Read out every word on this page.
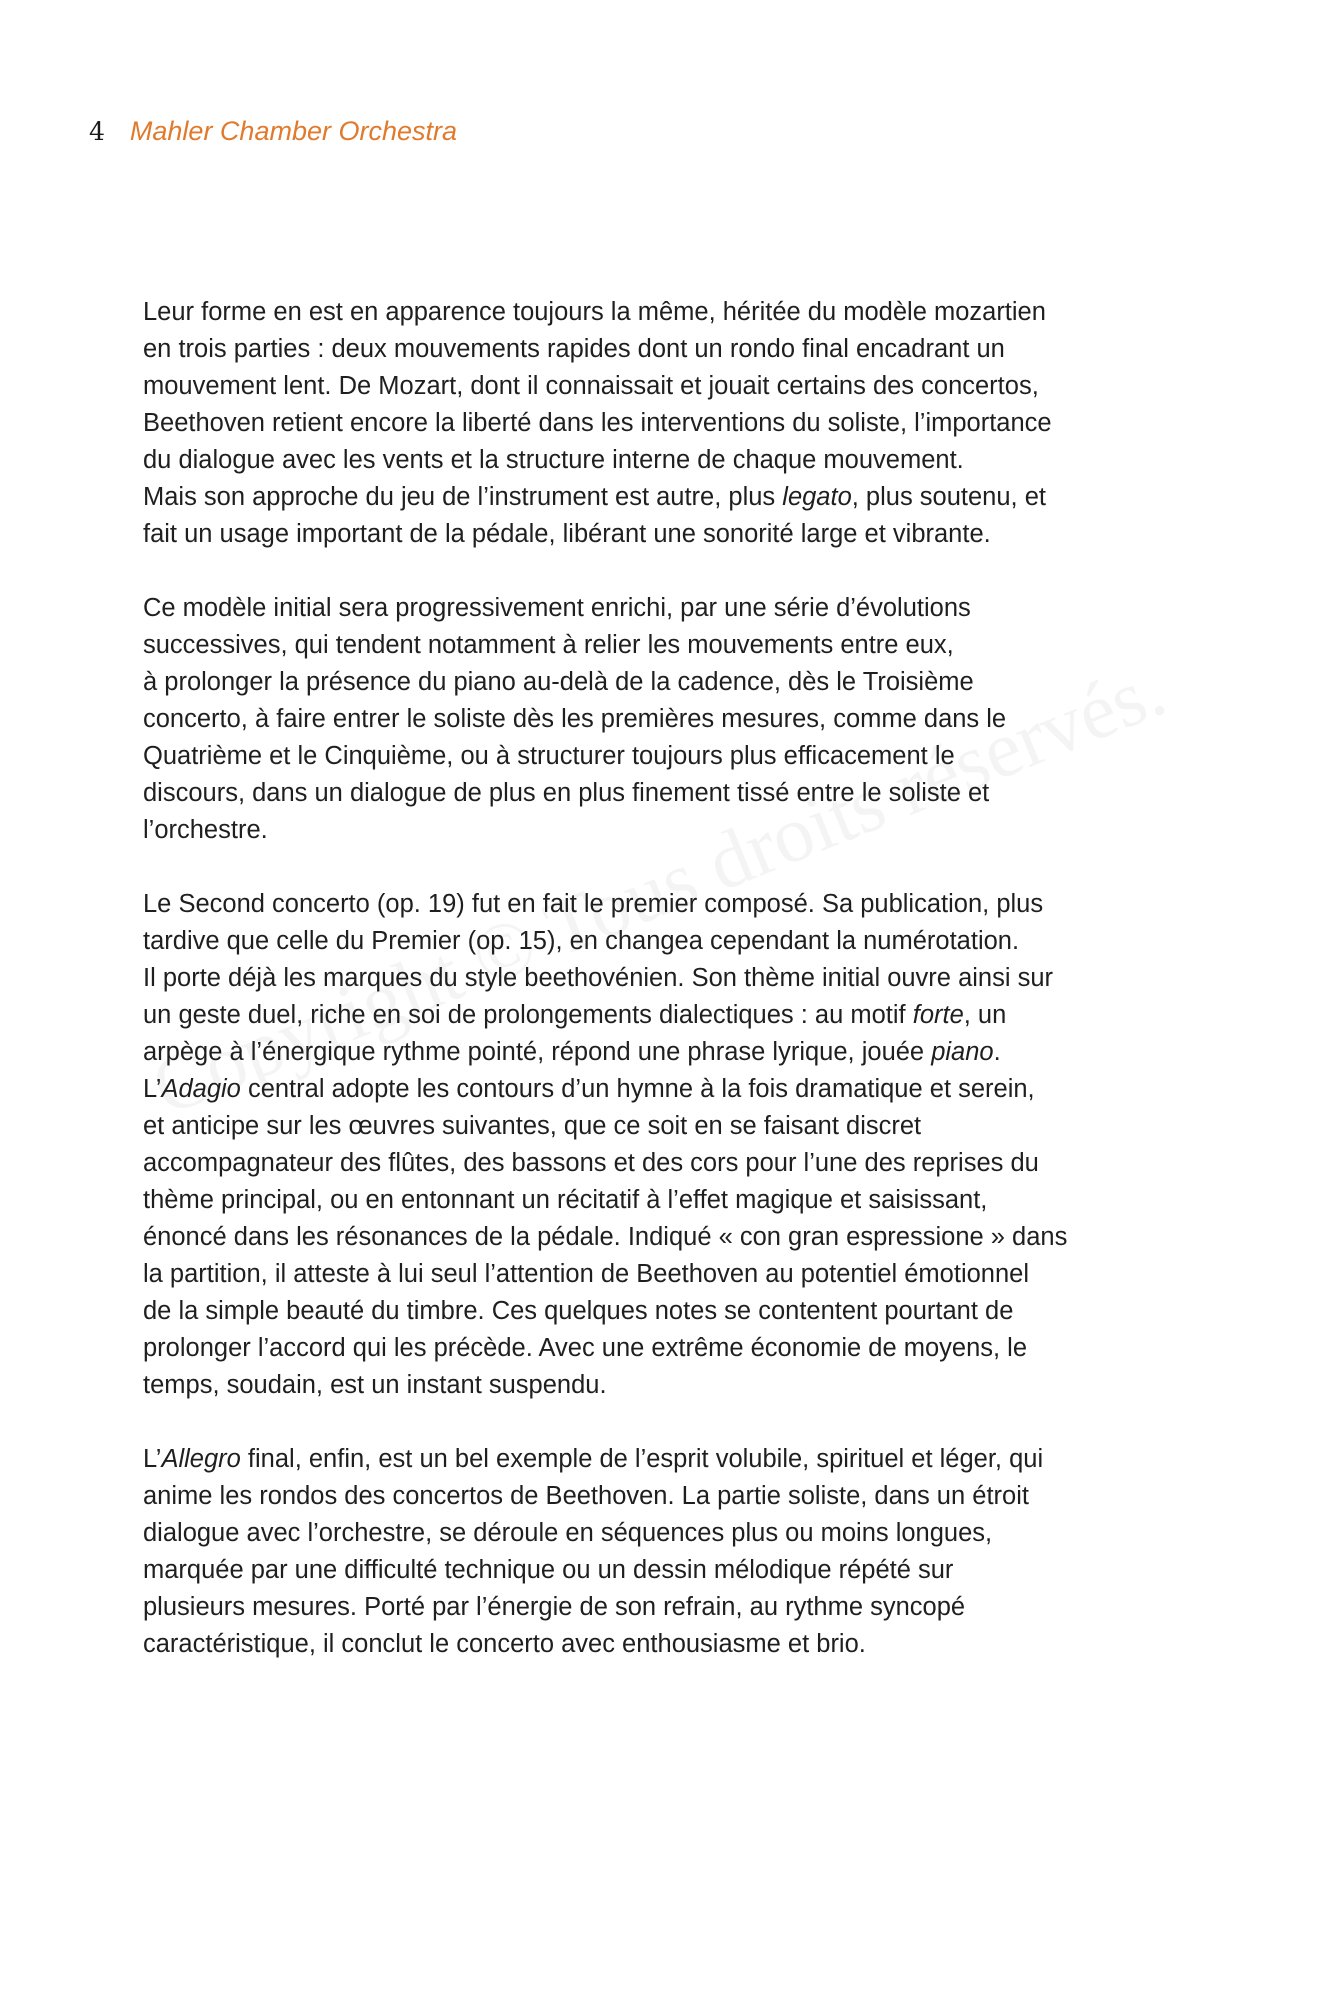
4 Mahler Chamber Orchestra

Leur forme en est en apparence toujours la même, héritée du modèle mozartien
en trois parties : deux mouvements rapides dont un rondo final encadrant un
mouvement lent. De Mozart, dont il connaissait et jouait certains des concertos,
Beethoven retient encore la liberté dans les interventions du soliste, l’importance
du dialogue avec les vents et la structure interne de chaque mouvement.
Mais son approche du jeu de l’instrument est autre, plus legato, plus soutenu, et
fait un usage important de la pédale, libérant une sonorité large et vibrante.

Ce modèle initial sera progressivement enrichi, par une série d’évolutions
successives, qui tendent notamment à relier les mouvements entre eux,
à prolonger la présence du piano au-delà de la cadence, dès le Troisième
concerto, à faire entrer le soliste dès les premières mesures, comme dans le
Quatrième et le Cinquième, ou à structurer toujours plus efficacement le
discours, dans un dialogue de plus en plus finement tissé entre le soliste et
l’orchestre.

Le Second concerto (op. 19) fut en fait le premier composé. Sa publication, plus
tardive que celle du Premier (op. 15), en changea cependant la numérotation.
Il porte déjà les marques du style beethovénien. Son thème initial ouvre ainsi sur
un geste duel, riche en soi de prolongements dialectiques : au motif forte, un
arpège à l’énergique rythme pointé, répond une phrase lyrique, jouée piano.
L’Adagio central adopte les contours d’un hymne à la fois dramatique et serein,
et anticipe sur les œuvres suivantes, que ce soit en se faisant discret
accompagnateur des flûtes, des bassons et des cors pour l’une des reprises du
thème principal, ou en entonnant un récitatif à l’effet magique et saisissant,
énoncé dans les résonances de la pédale. Indiqué « con gran espressione » dans
la partition, il atteste à lui seul l’attention de Beethoven au potentiel émotionnel
de la simple beauté du timbre. Ces quelques notes se contentent pourtant de
prolonger l’accord qui les précède. Avec une extrême économie de moyens, le
temps, soudain, est un instant suspendu.

L’Allegro final, enfin, est un bel exemple de l’esprit volubile, spirituel et léger, qui
anime les rondos des concertos de Beethoven. La partie soliste, dans un étroit
dialogue avec l’orchestre, se déroule en séquences plus ou moins longues,
marquée par une difficulté technique ou un dessin mélodique répété sur
plusieurs mesures. Porté par l’énergie de son refrain, au rythme syncopé
caractéristique, il conclut le concerto avec enthousiasme et brio.
